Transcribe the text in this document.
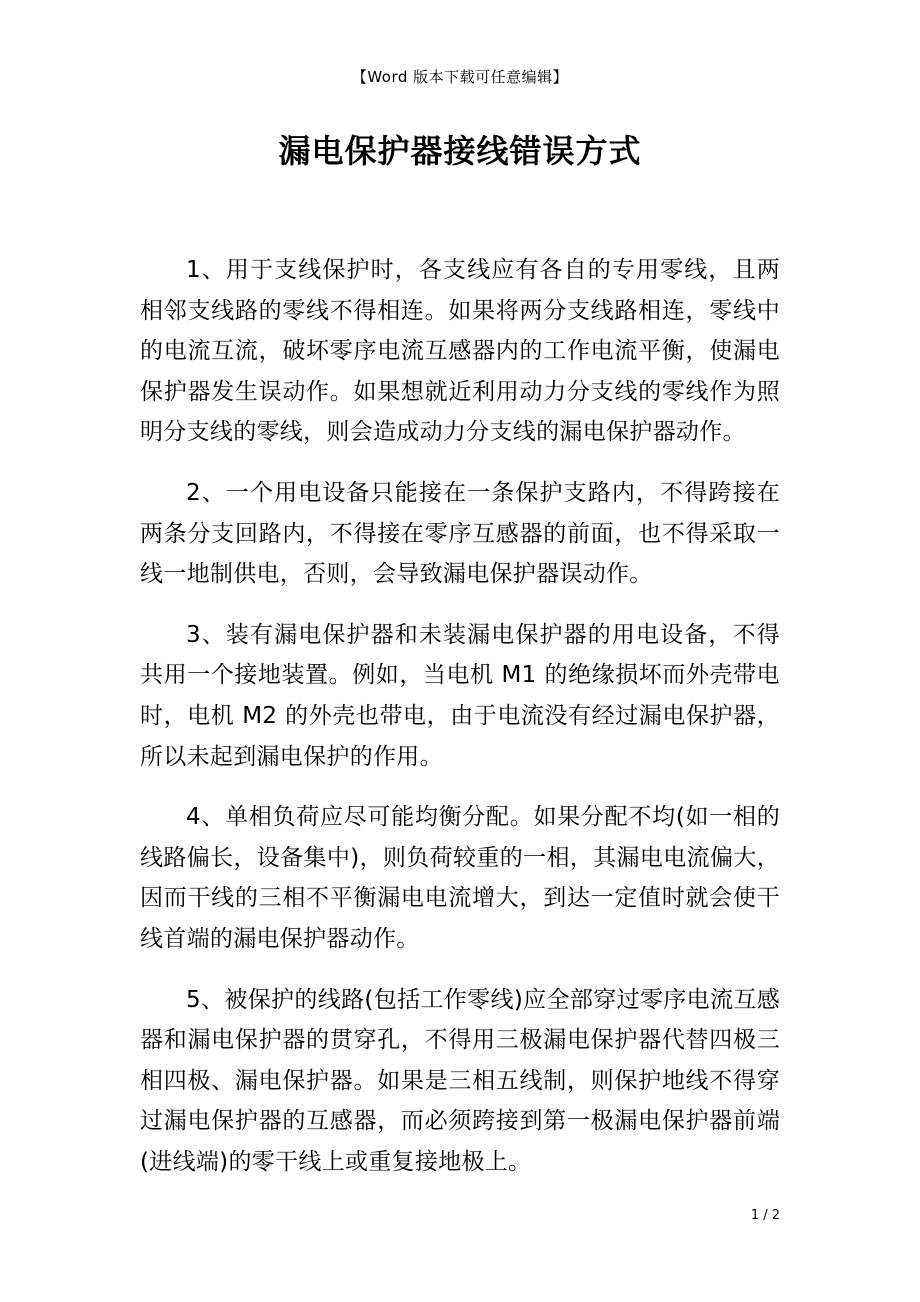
【Word 版本下载可任意编辑】
漏电保护器接线错误方式

1、用于支线保护时，各支线应有各自的专用零线，且两相邻支线路的零线不得相连。如果将两分支线路相连，零线中的电流互流，破坏零序电流互感器内的工作电流平衡，使漏电保护器发生误动作。如果想就近利用动力分支线的零线作为照明分支线的零线，则会造成动力分支线的漏电保护器动作。

2、一个用电设备只能接在一条保护支路内，不得跨接在两条分支回路内，不得接在零序互感器的前面，也不得采取一线一地制供电，否则，会导致漏电保护器误动作。

3、装有漏电保护器和未装漏电保护器的用电设备，不得共用一个接地装置。例如，当电机 M1 的绝缘损坏而外壳带电时，电机 M2 的外壳也带电，由于电流没有经过漏电保护器，所以未起到漏电保护的作用。

4、单相负荷应尽可能均衡分配。如果分配不均(如一相的线路偏长，设备集中)，则负荷较重的一相，其漏电电流偏大，因而干线的三相不平衡漏电电流增大，到达一定值时就会使干线首端的漏电保护器动作。

5、被保护的线路(包括工作零线)应全部穿过零序电流互感器和漏电保护器的贯穿孔，不得用三极漏电保护器代替四极三相四极、漏电保护器。如果是三相五线制，则保护地线不得穿过漏电保护器的互感器，而必须跨接到第一极漏电保护器前端(进线端)的零干线上或重复接地极上。

1 / 2
